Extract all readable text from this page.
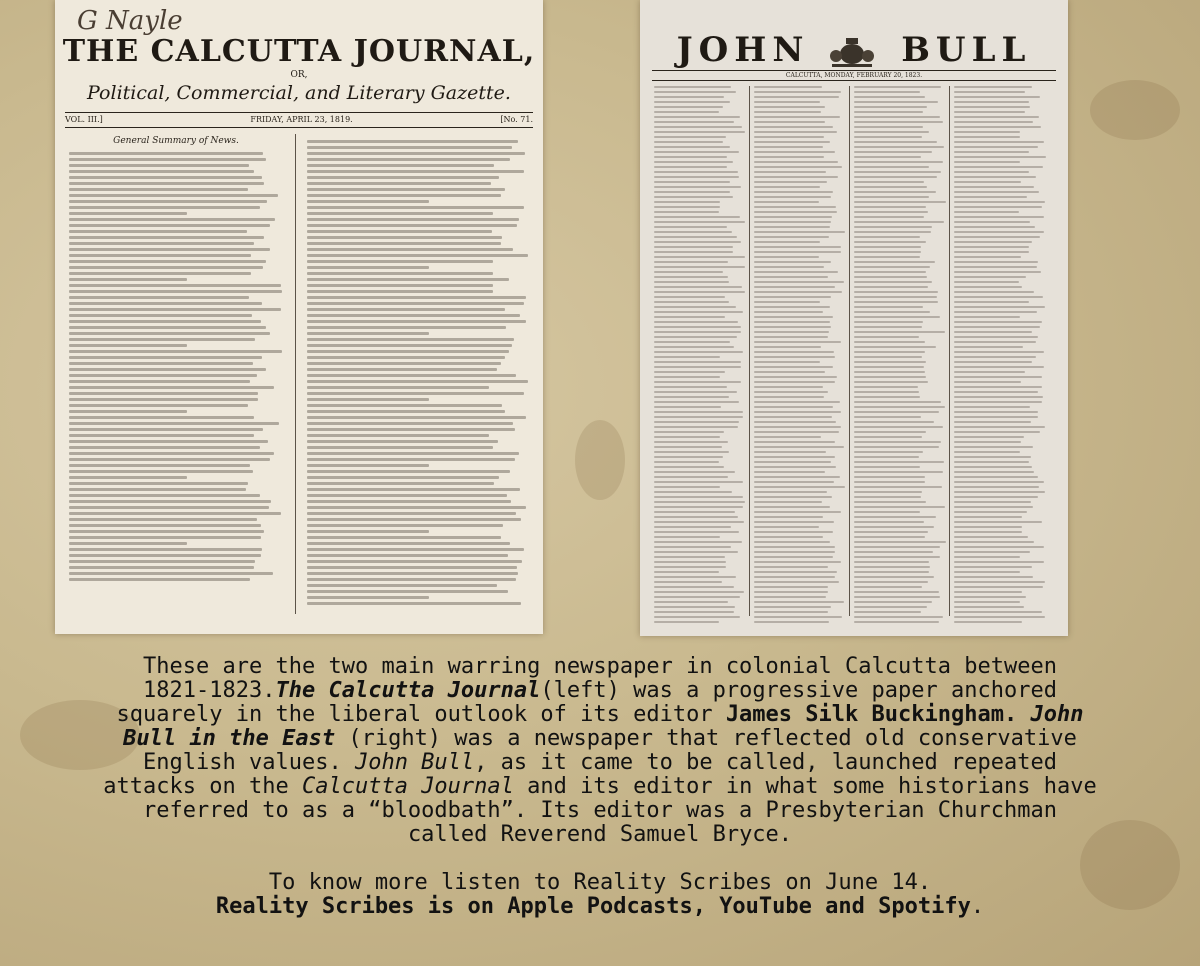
G Nayle
THE CALCUTTA JOURNAL,
OR,
Political, Commercial, and Literary Gazette.
VOL. III.]	FRIDAY, APRIL 23, 1819.	[No. 71.
General Summary of News.
JOHN	BULL
CALCUTTA, MONDAY, FEBRUARY 20, 1823.

These are the two main warring newspaper in colonial Calcutta between

1821-1823.The Calcutta Journal(left) was a progressive paper anchored

squarely in the liberal outlook of its editor James Silk Buckingham. John

Bull in the East (right) was a newspaper that reflected old conservative

English values. John Bull, as it came to be called, launched repeated

attacks on the Calcutta Journal and its editor in what some historians have

referred to as a “bloodbath”. Its editor was a Presbyterian Churchman

called Reverend Samuel Bryce.

To know more listen to Reality Scribes on June 14.

Reality Scribes is on Apple Podcasts, YouTube and Spotify.
